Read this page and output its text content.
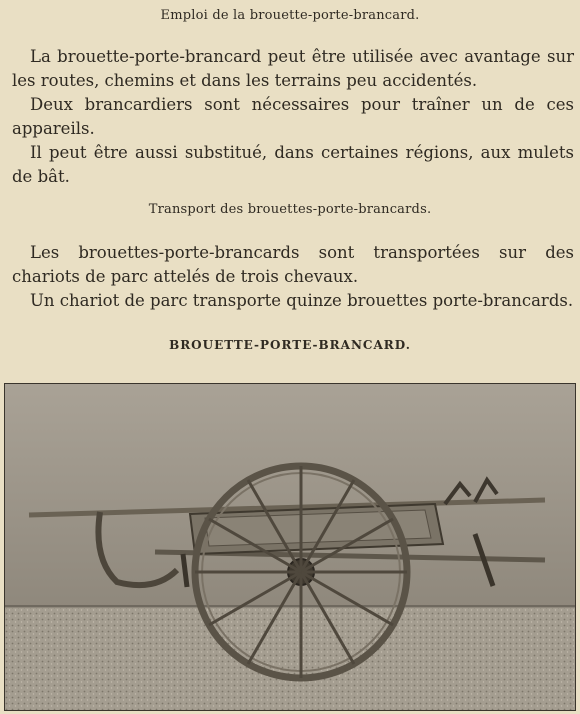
Emploi de la brouette-porte-brancard.

La brouette-porte-brancard peut être utilisée avec avantage sur les routes, chemins et dans les terrains peu accidentés.

Deux brancardiers sont nécessaires pour traîner un de ces appareils.

Il peut être aussi substitué, dans certaines régions, aux mulets de bât.

Transport des brouettes-porte-brancards.

Les brouettes-porte-brancards sont transportées sur des chariots de parc attelés de trois chevaux.

Un chariot de parc transporte quinze brouettes porte-brancards.

BROUETTE-PORTE-BRANCARD.
